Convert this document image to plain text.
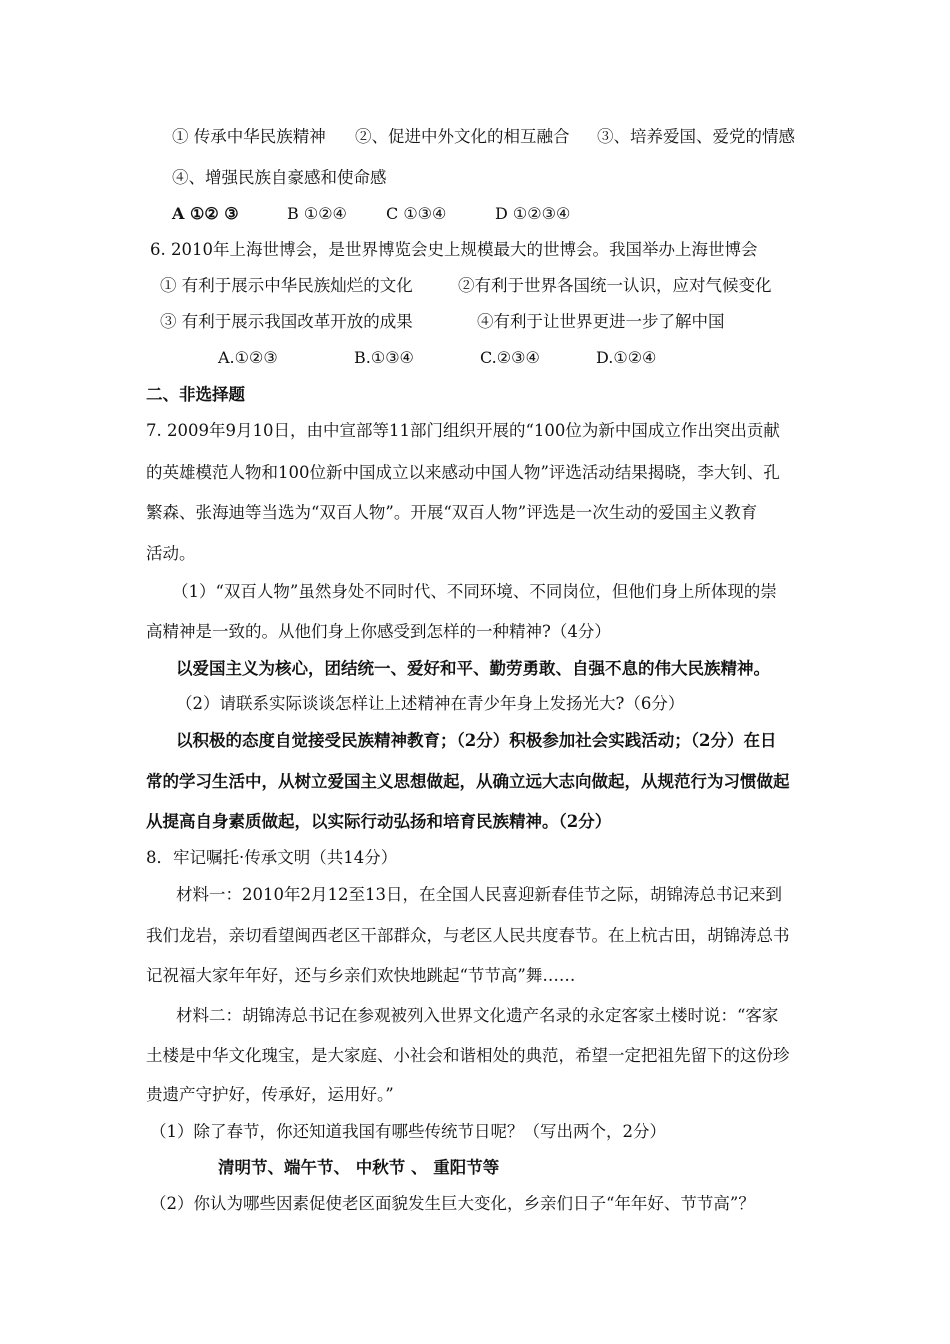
① 传承中华民族精神 ②、促进中外文化的相互融合 ③、培养爱国、爱党的情感
④、增强民族自豪感和使命感
A ①② ③	B ①②④ C ①③④	D ①②③④
6. 2010年上海世博会，是世界博览会史上规模最大的世博会。我国举办上海世博会
① 有利于展示中华民族灿烂的文化	②有利于世界各国统一认识，应对气候变化
③ 有利于展示我国改革开放的成果	④有利于让世界更进一步了解中国
A.①②③	B.①③④	C.②③④	D.①②④
二、非选择题
7. 2009年9月10日，由中宣部等11部门组织开展的“100位为新中国成立作出突出贡献
的英雄模范人物和100位新中国成立以来感动中国人物”评选活动结果揭晓，李大钊、孔
繁森、张海迪等当选为“双百人物”。开展“双百人物”评选是一次生动的爱国主义教育
活动。
（1）“双百人物”虽然身处不同时代、不同环境、不同岗位，但他们身上所体现的崇
高精神是一致的。从他们身上你感受到怎样的一种精神?（4分）
以爱国主义为核心，团结统一、爱好和平、勤劳勇敢、自强不息的伟大民族精神。
（2）请联系实际谈谈怎样让上述精神在青少年身上发扬光大?（6分）
以积极的态度自觉接受民族精神教育；（2分）积极参加社会实践活动；（2分）在日
常的学习生活中，从树立爱国主义思想做起，从确立远大志向做起，从规范行为习惯做起
从提高自身素质做起，以实际行动弘扬和培育民族精神。（2分）
8．牢记嘱托·传承文明（共14分）
材料一：2010年2月12至13日，在全国人民喜迎新春佳节之际，胡锦涛总书记来到
我们龙岩，亲切看望闽西老区干部群众，与老区人民共度春节。在上杭古田，胡锦涛总书
记祝福大家年年好，还与乡亲们欢快地跳起“节节高”舞……
材料二：胡锦涛总书记在参观被列入世界文化遗产名录的永定客家土楼时说：“客家
土楼是中华文化瑰宝，是大家庭、小社会和谐相处的典范，希望一定把祖先留下的这份珍
贵遗产守护好，传承好，运用好。”
（1）除了春节，你还知道我国有哪些传统节日呢？（写出两个，2分）
清明节、端午节、 中秋节 、 重阳节等
（2）你认为哪些因素促使老区面貌发生巨大变化，乡亲们日子“年年好、节节高”？
